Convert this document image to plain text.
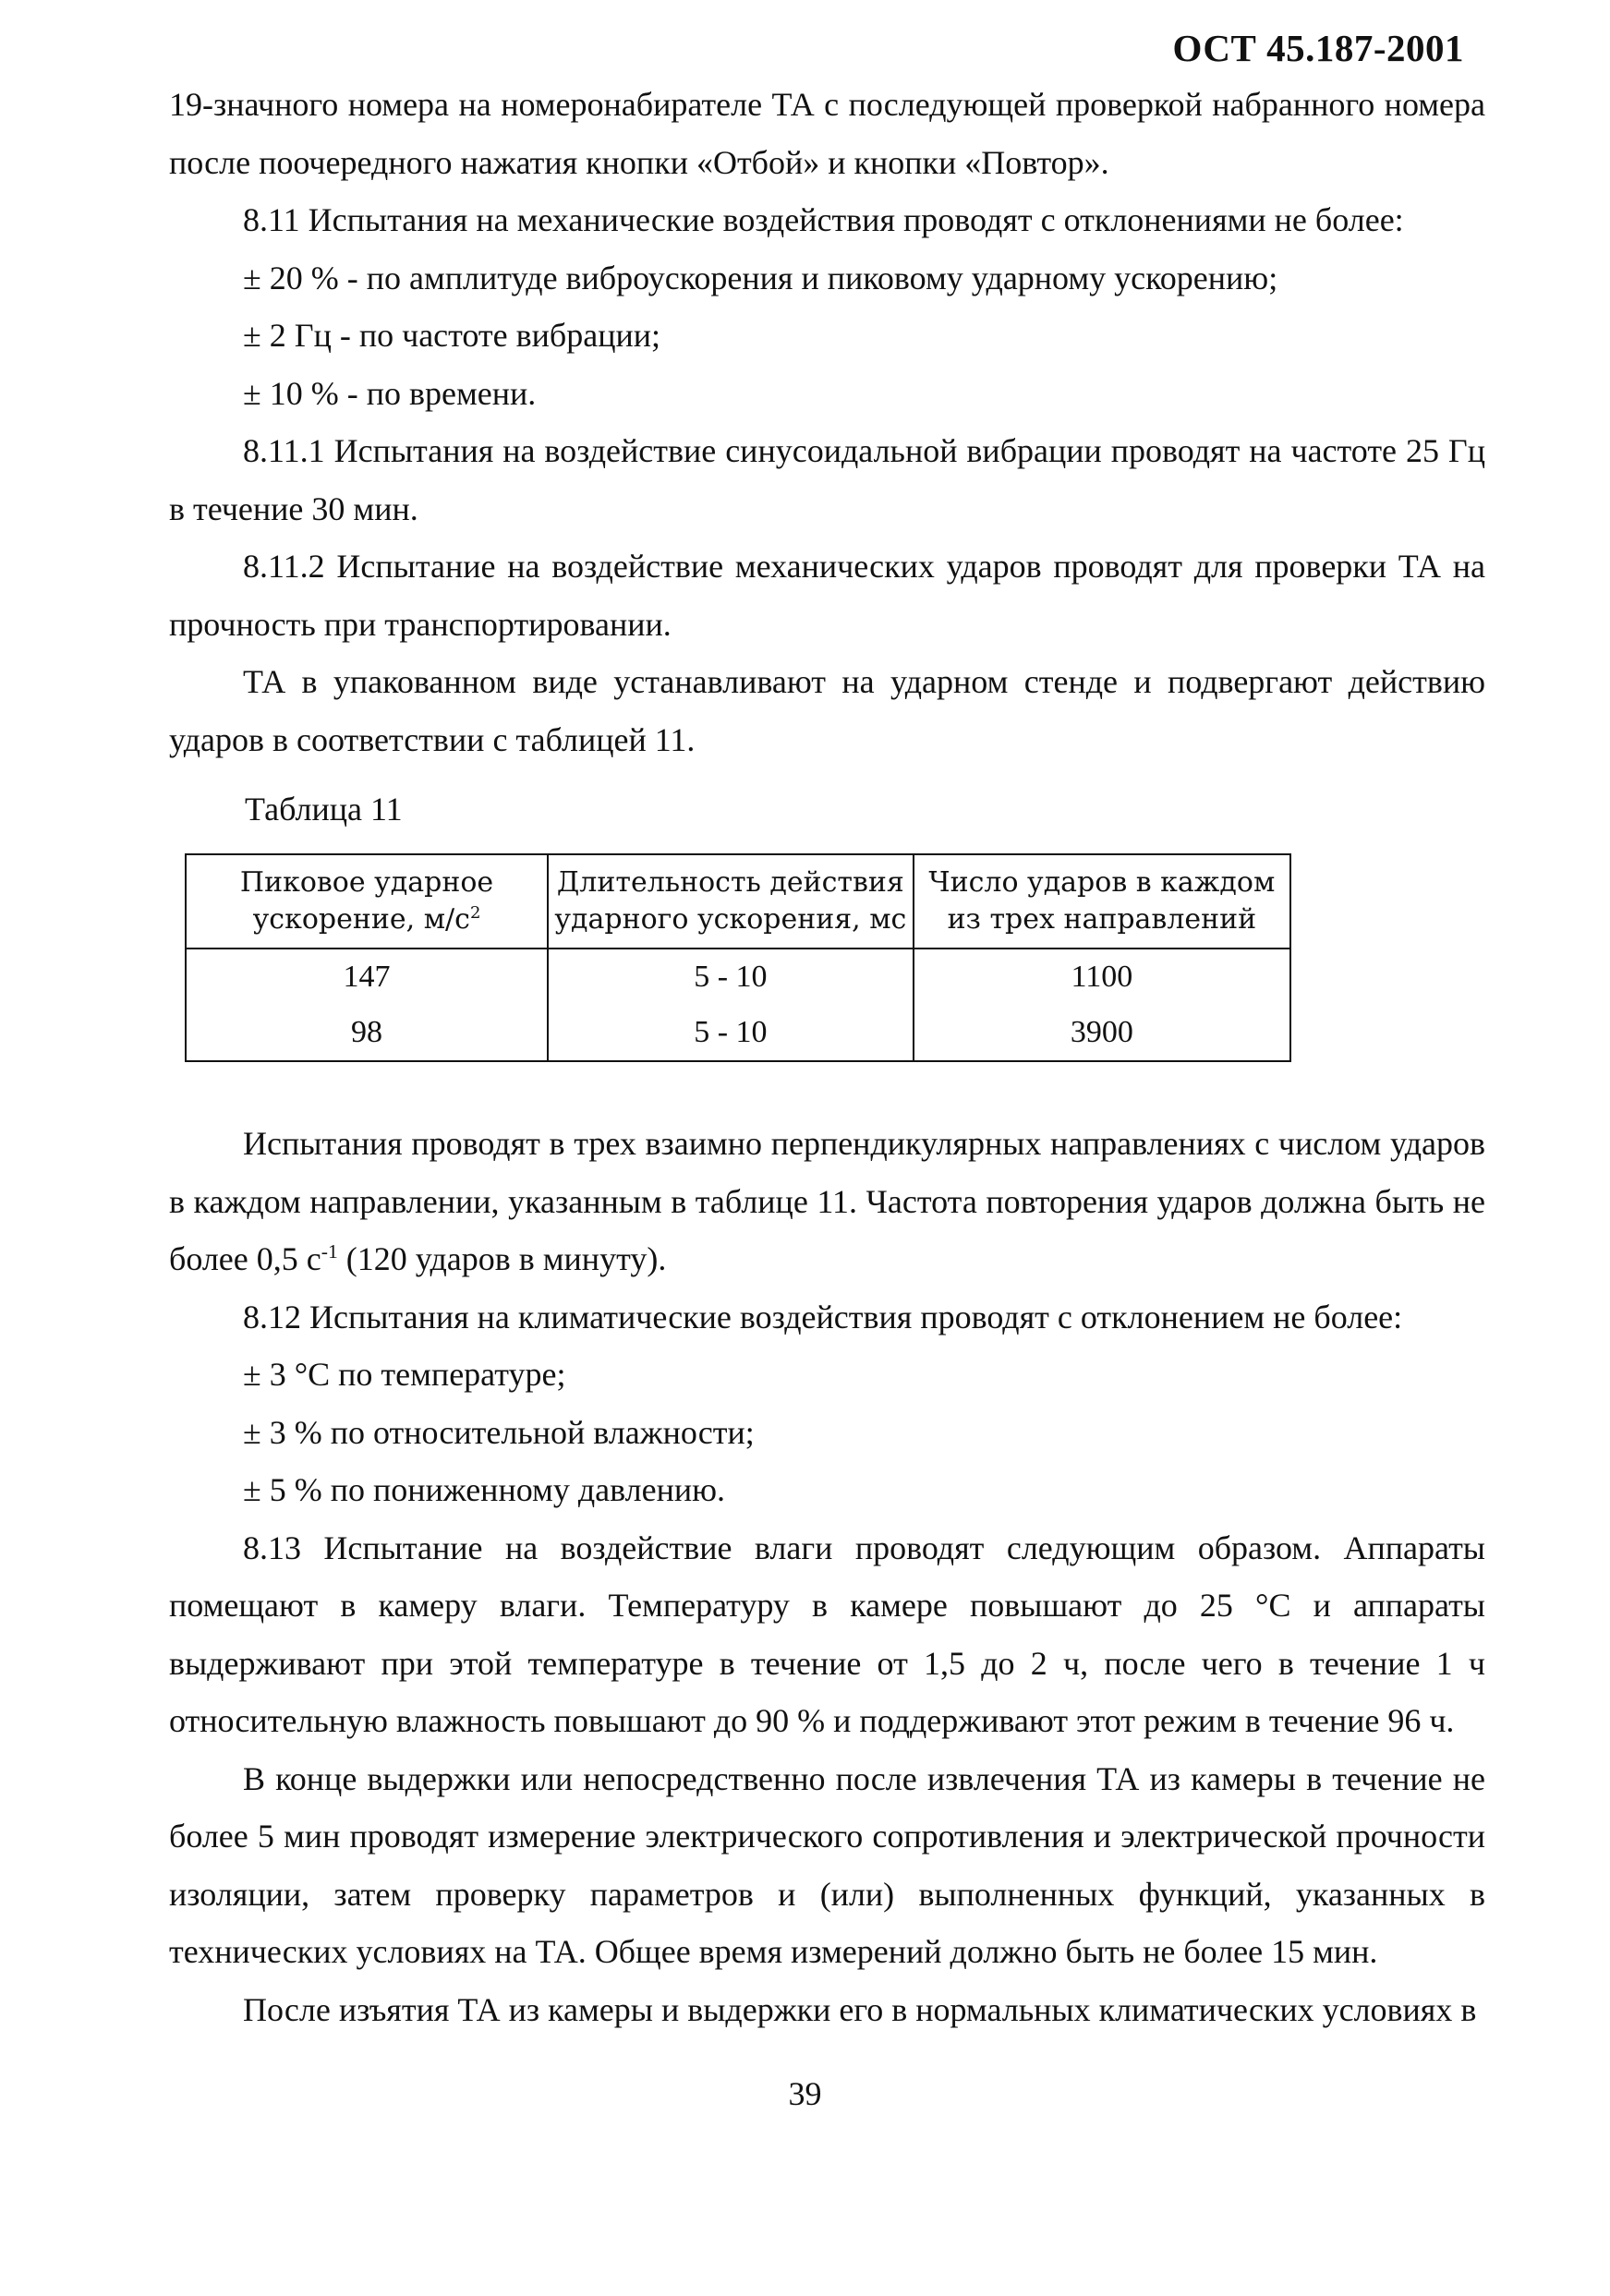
ОСТ 45.187-2001

19-значного номера на номеронабирателе ТА с последующей проверкой набранного номера после поочередного нажатия кнопки «Отбой» и кнопки «Повтор».

8.11 Испытания на механические воздействия проводят с отклонениями не более:

± 20 % - по амплитуде виброускорения и пиковому ударному ускорению;

± 2 Гц - по частоте вибрации;

± 10 % - по времени.

8.11.1 Испытания на воздействие синусоидальной вибрации проводят на частоте 25 Гц в течение 30 мин.

8.11.2 Испытание на воздействие механических ударов проводят для проверки ТА на прочность при транспортировании.

ТА в упакованном виде устанавливают на ударном стенде и подвергают действию ударов в соответствии с таблицей 11.

Таблица 11
Пиковое ударное ускорение, $м/с^2$	Длительность действия ударного ускорения, мс	Число ударов в каждом из трех направлений
147	5 - 10	1100
98	5 - 10	3900

Испытания проводят в трех взаимно перпендикулярных направлениях с числом ударов в каждом направлении, указанным в таблице 11. Частота повторения ударов должна быть не более 0,5 $с^{-1}$ (120 ударов в минуту).

8.12 Испытания на климатические воздействия проводят с отклонением не более:

± 3 °С по температуре;

± 3 % по относительной влажности;

± 5 % по пониженному давлению.

8.13 Испытание на воздействие влаги проводят следующим образом. Аппараты помещают в камеру влаги. Температуру в камере повышают до 25 °С и аппараты выдерживают при этой температуре в течение от 1,5 до 2 ч, после чего в течение 1 ч относительную влажность повышают до 90 % и поддерживают этот режим в течение 96 ч.

В конце выдержки или непосредственно после извлечения ТА из камеры в течение не более 5 мин проводят измерение электрического сопротивления и электрической прочности изоляции, затем проверку параметров и (или) выполненных функций, указанных в технических условиях на ТА. Общее время измерений должно быть не более 15 мин.

После изъятия ТА из камеры и выдержки его в нормальных климатических условиях в

39
